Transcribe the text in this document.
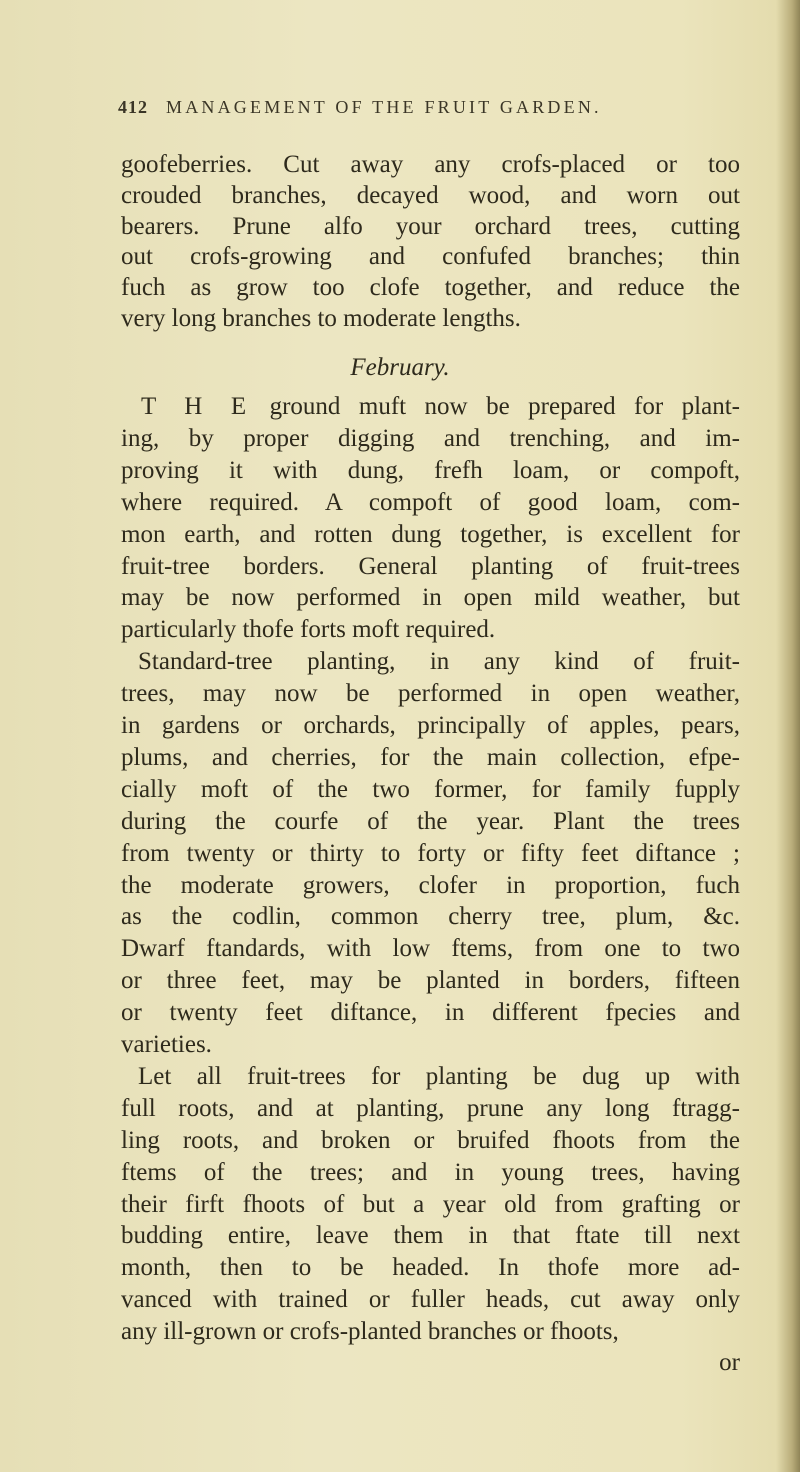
412 MANAGEMENT OF THE FRUIT GARDEN.
goofeberries. Cut away any crofs-placed or too
crouded branches, decayed wood, and worn out
bearers. Prune alfo your orchard trees, cutting
out crofs-growing and confufed branches; thin
fuch as grow too clofe together, and reduce the
very long branches to moderate lengths.
February.
T H E ground muft now be prepared for plant-
ing, by proper digging and trenching, and im-
proving it with dung, frefh loam, or compoft,
where required. A compoft of good loam, com-
mon earth, and rotten dung together, is excellent for
fruit-tree borders. General planting of fruit-trees
may be now performed in open mild weather, but
particularly thofe forts moft required.
Standard-tree planting, in any kind of fruit-
trees, may now be performed in open weather,
in gardens or orchards, principally of apples, pears,
plums, and cherries, for the main collection, efpe-
cially moft of the two former, for family fupply
during the courfe of the year. Plant the trees
from twenty or thirty to forty or fifty feet diftance ;
the moderate growers, clofer in proportion, fuch
as the codlin, common cherry tree, plum, &c.
Dwarf ftandards, with low ftems, from one to two
or three feet, may be planted in borders, fifteen
or twenty feet diftance, in different fpecies and
varieties.
Let all fruit-trees for planting be dug up with
full roots, and at planting, prune any long ftragg-
ling roots, and broken or bruifed fhoots from the
ftems of the trees; and in young trees, having
their firft fhoots of but a year old from grafting or
budding entire, leave them in that ftate till next
month, then to be headed. In thofe more ad-
vanced with trained or fuller heads, cut away only
any ill-grown or crofs-planted branches or fhoots,
or
